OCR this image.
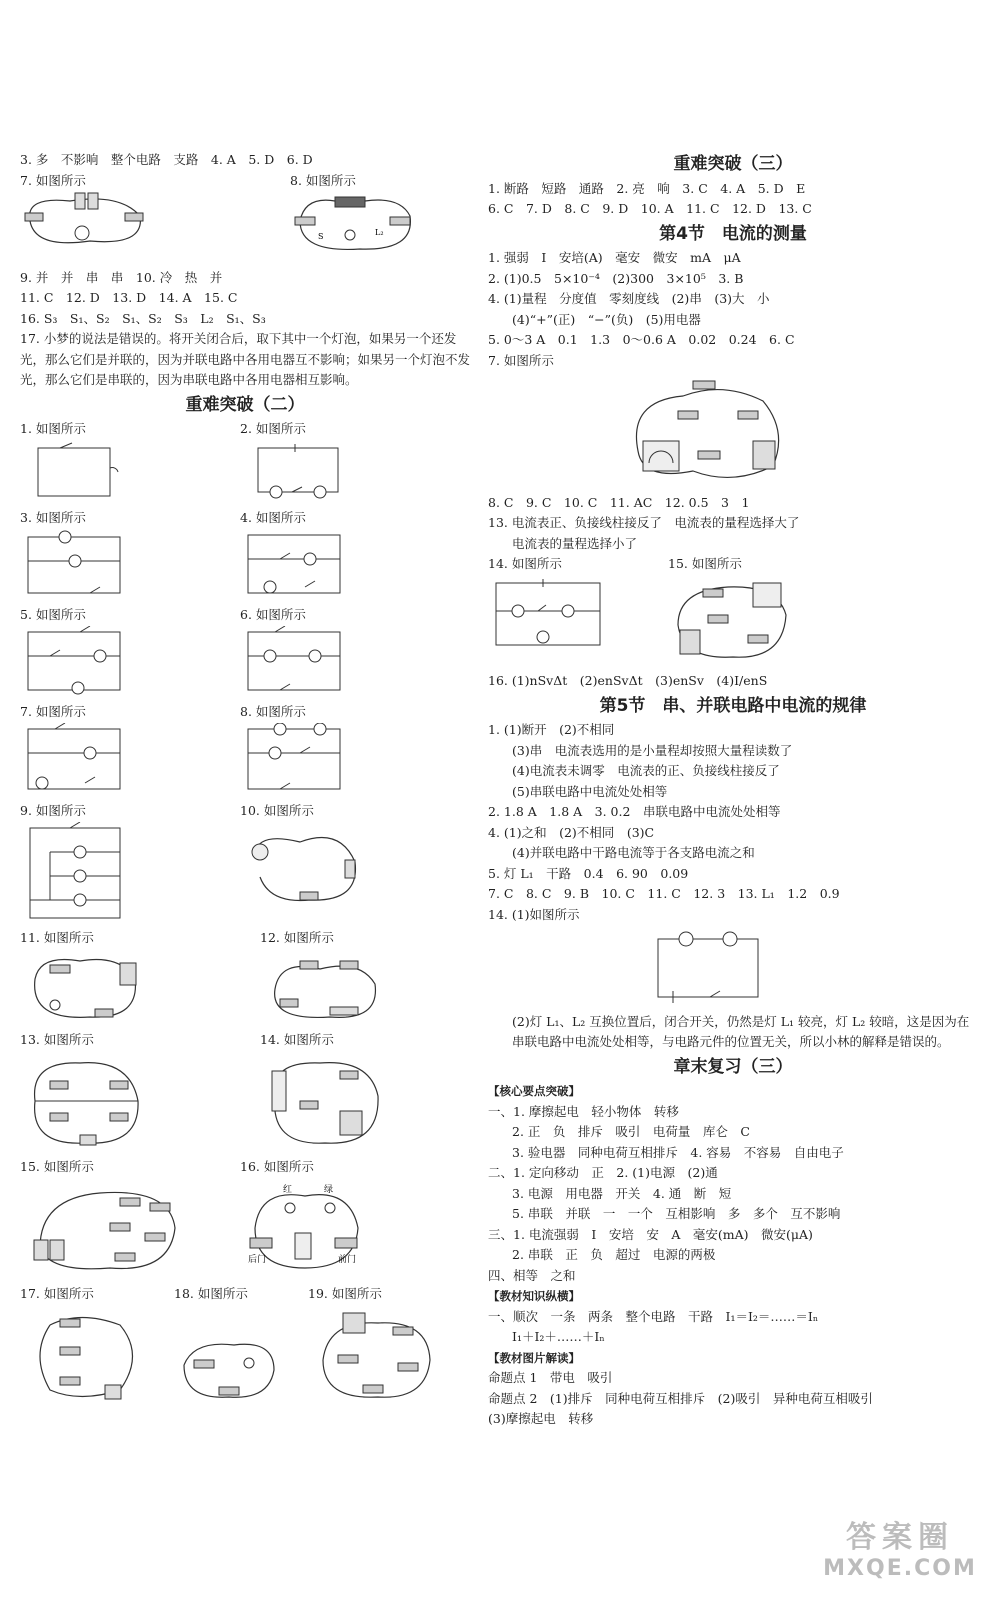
3. 多　不影响　整个电路　支路　4. A　5. D　6. D
7. 如图所示	8. 如图所示
S	L₂
9. 并　并　串　串　10. 冷　热　并
11. C　12. D　13. D　14. A　15. C
16. S₃　S₁、S₂　S₁、S₂　S₃　L₂　S₁、S₃
17. 小梦的说法是错误的。将开关闭合后，取下其中一个灯泡，如果另一个还发光，那么它们是并联的，因为并联电路中各用电器互不影响；如果另一个灯泡不发光，那么它们是串联的，因为串联电路中各用电器相互影响。
重难突破（二）
1. 如图所示	2. 如图所示
3. 如图所示	4. 如图所示
5. 如图所示	6. 如图所示
7. 如图所示	8. 如图所示
9. 如图所示	10. 如图所示
11. 如图所示	12. 如图所示
13. 如图所示	14. 如图所示
15. 如图所示	16. 如图所示
红	绿
后门	前门
17. 如图所示	18. 如图所示	19. 如图所示
重难突破（三）
1. 断路　短路　通路　2. 亮　响　3. C　4. A　5. D　E
6. C　7. D　8. C　9. D　10. A　11. C　12. D　13. C
第4节　电流的测量
1. 强弱　I　安培(A)　毫安　微安　mA　μA
2. (1)0.5　5×10⁻⁴　(2)300　3×10⁵　3. B
4. (1)量程　分度值　零刻度线　(2)串　(3)大　小
(4)“+”(正)　“−”(负)　(5)用电器
5. 0～3 A　0.1　1.3　0～0.6 A　0.02　0.24　6. C
7. 如图所示
8. C　9. C　10. C　11. AC　12. 0.5　3　1
13. 电流表正、负接线柱接反了　电流表的量程选择大了
电流表的量程选择小了
14. 如图所示	15. 如图所示
16. (1)nSvΔt　(2)enSvΔt　(3)enSv　(4)I/enS
第5节　串、并联电路中电流的规律
1. (1)断开　(2)不相同
(3)串　电流表选用的是小量程却按照大量程读数了
(4)电流表未调零　电流表的正、负接线柱接反了
(5)串联电路中电流处处相等
2. 1.8 A　1.8 A　3. 0.2　串联电路中电流处处相等
4. (1)之和　(2)不相同　(3)C
(4)并联电路中干路电流等于各支路电流之和
5. 灯 L₁　干路　0.4　6. 90　0.09
7. C　8. C　9. B　10. C　11. C　12. 3　13. L₁　1.2　0.9
14. (1)如图所示
(2)灯 L₁、L₂ 互换位置后，闭合开关，仍然是灯 L₁ 较亮，灯 L₂ 较暗，这是因为在串联电路中电流处处相等，与电路元件的位置无关，所以小林的解释是错误的。
章末复习（三）
【核心要点突破】
一、1. 摩擦起电　轻小物体　转移
2. 正　负　排斥　吸引　电荷量　库仑　C
3. 验电器　同种电荷互相排斥　4. 容易　不容易　自由电子
二、1. 定向移动　正　2. (1)电源　(2)通
3. 电源　用电器　开关　4. 通　断　短
5. 串联　并联　一　一个　互相影响　多　多个　互不影响
三、1. 电流强弱　I　安培　安　A　毫安(mA)　微安(μA)
2. 串联　正　负　超过　电源的两极
四、相等　之和
【教材知识纵横】
一、顺次　一条　两条　整个电路　干路　I₁＝I₂＝……＝Iₙ
I₁＋I₂＋……＋Iₙ
【教材图片解读】
命题点 1　带电　吸引
命题点 2　(1)排斥　同种电荷互相排斥　(2)吸引　异种电荷互相吸引
(3)摩擦起电　转移
答案圈
MXQE.COM
